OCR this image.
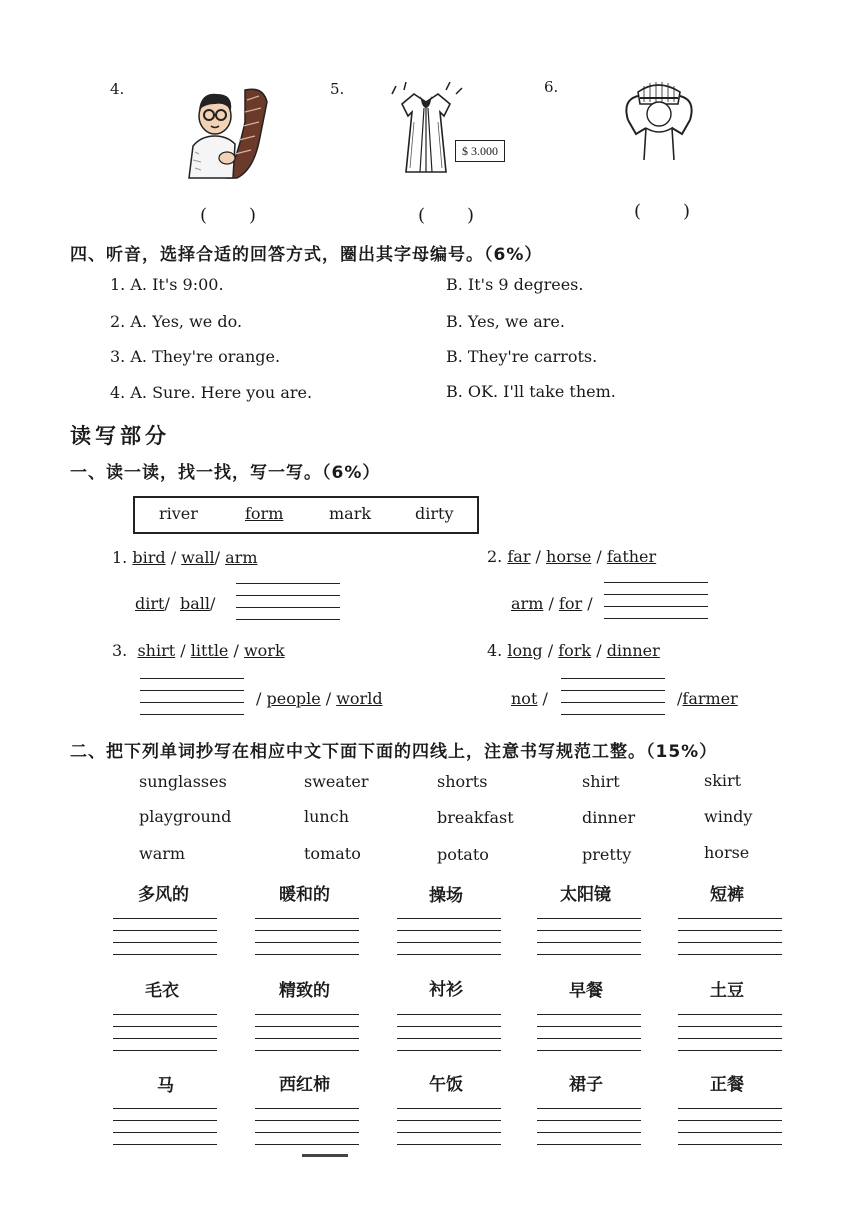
4.
(　　)
5.
$ 3.000
(　　)
6.
(　　)
四、听音，选择合适的回答方式，圈出其字母编号。（6%）
1. A. It's 9:00.	B. It's 9 degrees.
2. A. Yes, we do.	B. Yes, we are.
3. A. They're orange.	B. They're carrots.
4. A. Sure. Here you are.	B. OK. I'll take them.
读写部分
一、读一读，找一找，写一写。（6%）
river	form	mark	dirty
1. bird / wall/ arm
dirt/  ball/
2. far / horse / father
arm / for /
3. shirt / little / work
/ people / world
4. long / fork / dinner
not /	/farmer
二、把下列单词抄写在相应中文下面下面的四线上，注意书写规范工整。（15%）
sunglasses	sweater	shorts	shirt	skirt
playground	lunch	breakfast	dinner	windy
warm	tomato	potato	pretty	horse
多风的	暖和的	操场	太阳镜	短裤
毛衣	精致的	衬衫	早餐	土豆
马	西红柿	午饭	裙子	正餐
